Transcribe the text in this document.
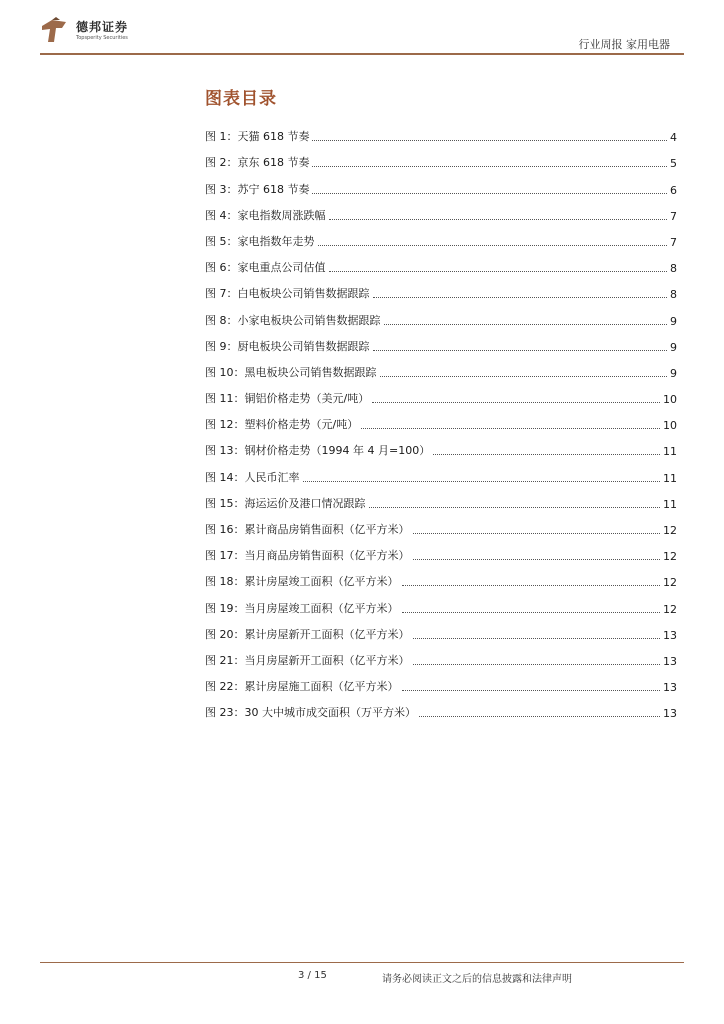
德邦证券
Topsperity Securities	行业周报 家用电器
图表目录
图 1：天猫 618 节奏	4
图 2：京东 618 节奏	5
图 3：苏宁 618 节奏	6
图 4：家电指数周涨跌幅	7
图 5：家电指数年走势	7
图 6：家电重点公司估值	8
图 7：白电板块公司销售数据跟踪	8
图 8：小家电板块公司销售数据跟踪	9
图 9：厨电板块公司销售数据跟踪	9
图 10：黑电板块公司销售数据跟踪	9
图 11：铜铝价格走势（美元/吨）	10
图 12：塑料价格走势（元/吨）	10
图 13：钢材价格走势（1994 年 4 月=100）	11
图 14：人民币汇率	11
图 15：海运运价及港口情况跟踪	11
图 16：累计商品房销售面积（亿平方米）	12
图 17：当月商品房销售面积（亿平方米）	12
图 18：累计房屋竣工面积（亿平方米）	12
图 19：当月房屋竣工面积（亿平方米）	12
图 20：累计房屋新开工面积（亿平方米）	13
图 21：当月房屋新开工面积（亿平方米）	13
图 22：累计房屋施工面积（亿平方米）	13
图 23：30 大中城市成交面积（万平方米）	13
3 / 15	请务必阅读正文之后的信息披露和法律声明
